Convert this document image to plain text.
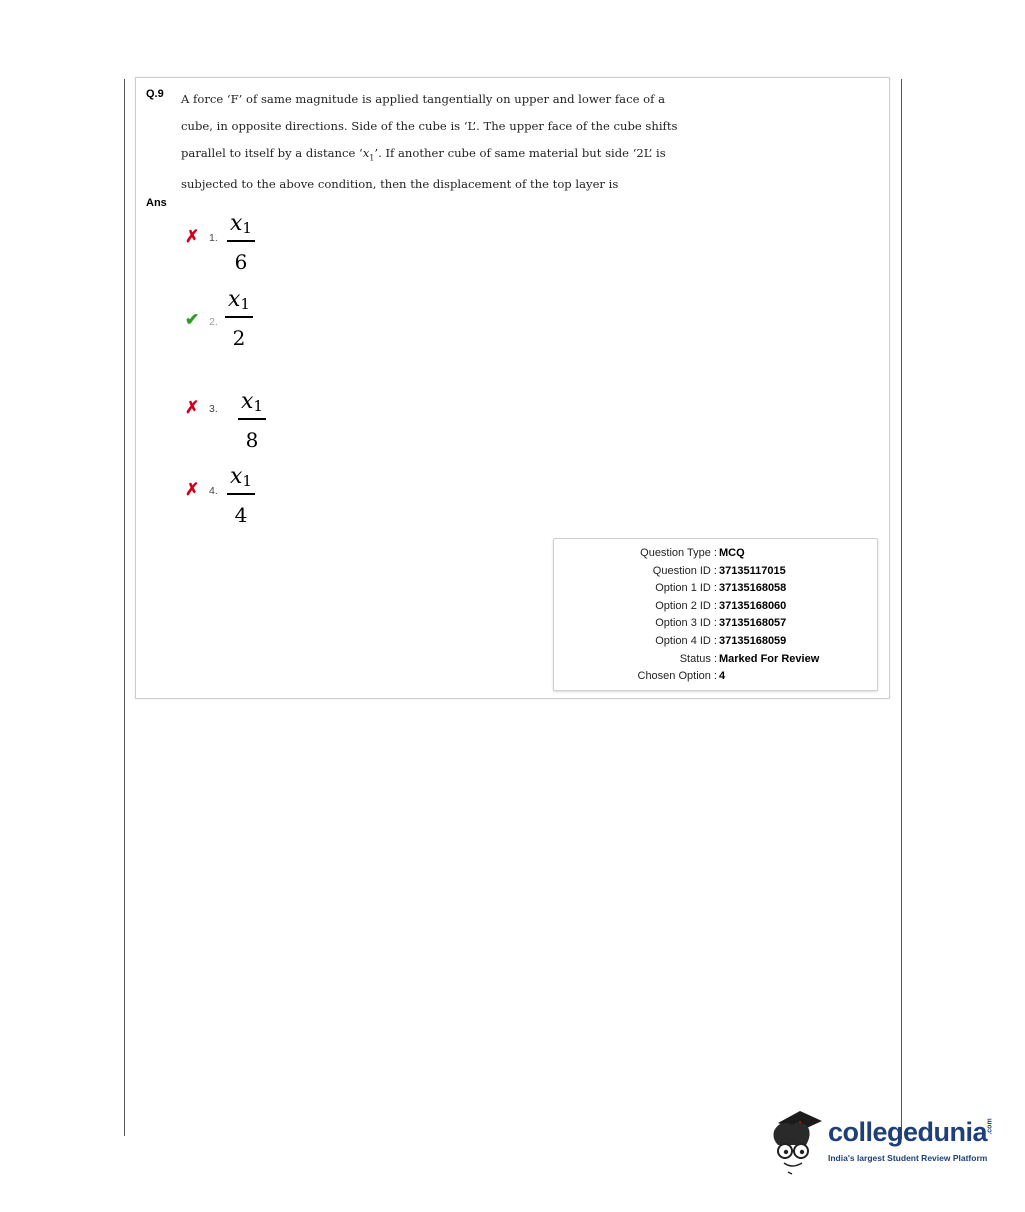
Q.9 A force ‘F’ of same magnitude is applied tangentially on upper and lower face of a
cube, in opposite directions. Side of the cube is ‘L’. The upper face of the cube shifts
parallel to itself by a distance ‘$x_1$’. If another cube of same material but side ‘2L’ is
subjected to the above condition, then the displacement of the top layer is
Ans
✗ 1.
$x_1$
6
✔ 2.
$x_1$
2
✗ 3. $x_1$
8
✗ 4.
$x_1$
4
Question Type : MCQ
Question ID : 37135117015
Option 1 ID : 37135168058
Option 2 ID : 37135168060
Option 3 ID : 37135168057
Option 4 ID : 37135168059
Status : Marked For Review
Chosen Option : 4
collegedunia .com
India's largest Student Review Platform
